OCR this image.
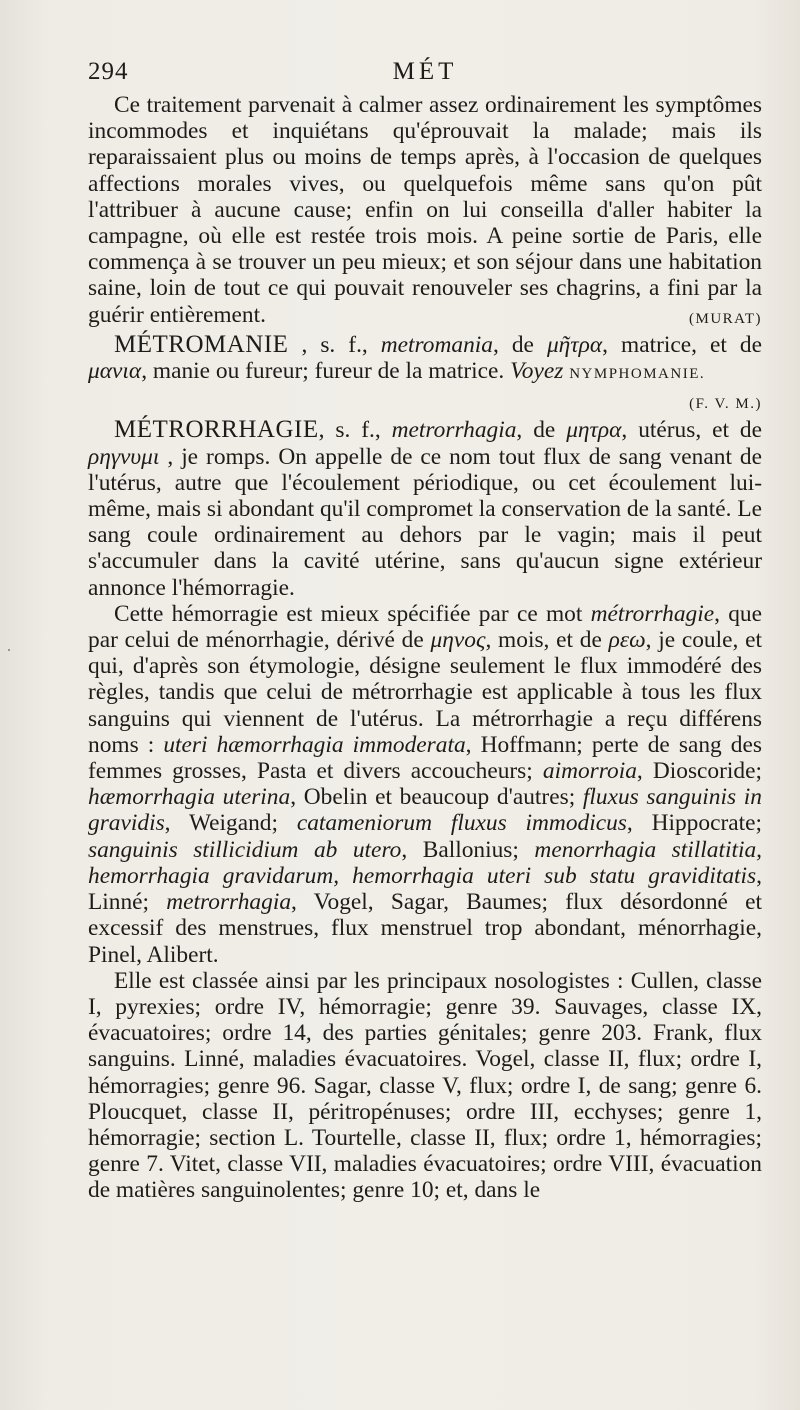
294	MÉT

Ce traitement parvenait à calmer assez ordinairement les symptômes incommodes et inquiétans qu'éprouvait la malade; mais ils reparaissaient plus ou moins de temps après, à l'occasion de quelques affections morales vives, ou quelquefois même sans qu'on pût l'attribuer à aucune cause; enfin on lui conseilla d'aller habiter la campagne, où elle est restée trois mois. A peine sortie de Paris, elle commença à se trouver un peu mieux; et son séjour dans une habitation saine, loin de tout ce qui pouvait renouveler ses chagrins, a fini par la guérir entièrement.	(MURAT)

MÉTROMANIE , s. f., metromania, de μῆτρα, matrice, et de μανια, manie ou fureur; fureur de la matrice. Voyez NYMPHOMANIE.
(F. V. M.)

MÉTRORRHAGIE, s. f., metrorrhagia, de μητρα, utérus, et de ρηγνυμι , je romps. On appelle de ce nom tout flux de sang venant de l'utérus, autre que l'écoulement périodique, ou cet écoulement lui-même, mais si abondant qu'il compromet la conservation de la santé. Le sang coule ordinairement au dehors par le vagin; mais il peut s'accumuler dans la cavité utérine, sans qu'aucun signe extérieur annonce l'hémorragie.

Cette hémorragie est mieux spécifiée par ce mot métrorrhagie, que par celui de ménorrhagie, dérivé de μηνος, mois, et de ρεω, je coule, et qui, d'après son étymologie, désigne seulement le flux immodéré des règles, tandis que celui de métrorrhagie est applicable à tous les flux sanguins qui viennent de l'utérus. La métrorrhagie a reçu différens noms : uteri hæmorrhagia immoderata, Hoffmann; perte de sang des femmes grosses, Pasta et divers accoucheurs; aimorroia, Dioscoride; hæmorrhagia uterina, Obelin et beaucoup d'autres; fluxus sanguinis in gravidis, Weigand; catameniorum fluxus immodicus, Hippocrate; sanguinis stillicidium ab utero, Ballonius; menorrhagia stillatitia, hemorrhagia gravidarum, hemorrhagia uteri sub statu graviditatis, Linné; metrorrhagia, Vogel, Sagar, Baumes; flux désordonné et excessif des menstrues, flux menstruel trop abondant, ménorrhagie, Pinel, Alibert.

Elle est classée ainsi par les principaux nosologistes : Cullen, classe I, pyrexies; ordre IV, hémorragie; genre 39. Sauvages, classe IX, évacuatoires; ordre 14, des parties génitales; genre 203. Frank, flux sanguins. Linné, maladies évacuatoires. Vogel, classe II, flux; ordre I, hémorragies; genre 96. Sagar, classe V, flux; ordre I, de sang; genre 6. Ploucquet, classe II, péritropénuses; ordre III, ecchyses; genre 1, hémorragie; section L. Tourtelle, classe II, flux; ordre 1, hémorragies; genre 7. Vitet, classe VII, maladies évacuatoires; ordre VIII, évacuation de matières sanguinolentes; genre 10; et, dans le

·
